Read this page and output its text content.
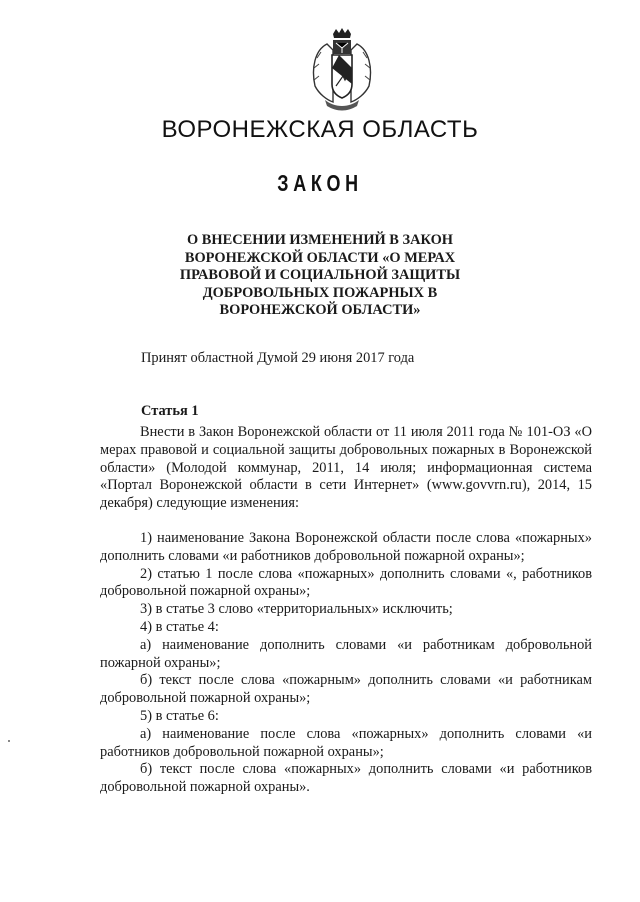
ВОРОНЕЖСКАЯ ОБЛАСТЬ
ЗАКОН
О ВНЕСЕНИИ ИЗМЕНЕНИЙ В ЗАКОН
ВОРОНЕЖСКОЙ ОБЛАСТИ «О МЕРАХ
ПРАВОВОЙ И СОЦИАЛЬНОЙ ЗАЩИТЫ
ДОБРОВОЛЬНЫХ ПОЖАРНЫХ В
ВОРОНЕЖСКОЙ ОБЛАСТИ»
Принят областной Думой 29 июня 2017 года
Статья 1
Внести в Закон Воронежской области от 11 июля 2011 года № 101-ОЗ «О мерах правовой и социальной защиты добровольных пожарных в Воронежской области» (Молодой коммунар, 2011, 14 июля; информационная система «Портал Воронежской области в сети Интернет» (www.govvrn.ru), 2014, 15 декабря) следующие изменения:

1) наименование Закона Воронежской области после слова «пожарных» дополнить словами «и работников добровольной пожарной охраны»;

2) статью 1 после слова «пожарных» дополнить словами «, работников добровольной пожарной охраны»;

3) в статье 3 слово «территориальных» исключить;

4) в статье 4:

а) наименование дополнить словами «и работникам добровольной пожарной охраны»;

б) текст после слова «пожарным» дополнить словами «и работникам добровольной пожарной охраны»;

5) в статье 6:

а) наименование после слова «пожарных» дополнить словами «и работников добровольной пожарной охраны»;

б) текст после слова «пожарных» дополнить словами «и работников добровольной пожарной охраны».
